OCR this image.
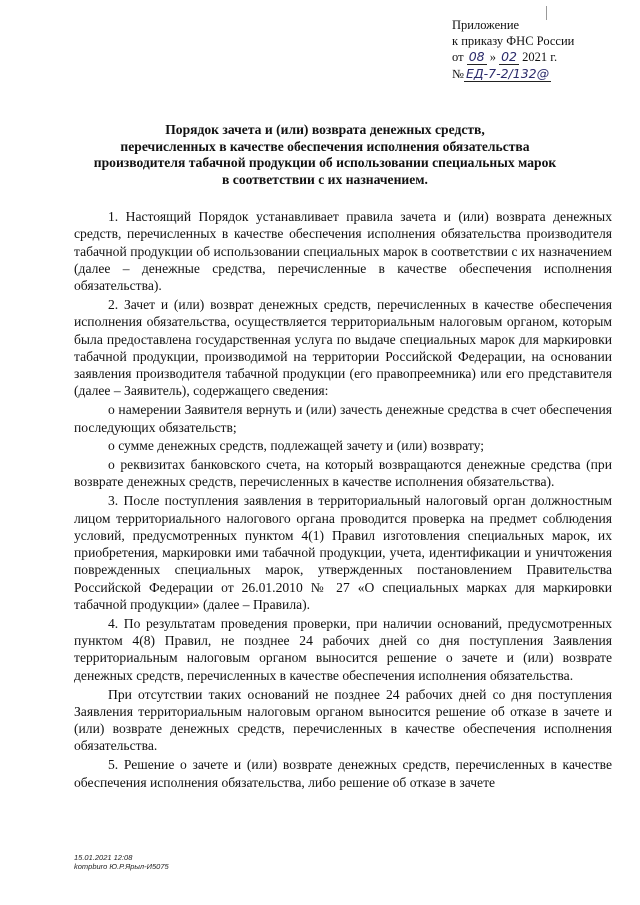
Приложение
к приказу ФНС России
от 08 » 02 2021 г.
№ ЕД-7-2/132@
Порядок зачета и (или) возврата денежных средств,
перечисленных в качестве обеспечения исполнения обязательства
производителя табачной продукции об использовании специальных марок
в соответствии с их назначением.

1. Настоящий Порядок устанавливает правила зачета и (или) возврата денежных средств, перечисленных в качестве обеспечения исполнения обязательства производителя табачной продукции об использовании специальных марок в соответствии с их назначением (далее – денежные средства, перечисленные в качестве обеспечения исполнения обязательства).

2. Зачет и (или) возврат денежных средств, перечисленных в качестве обеспечения исполнения обязательства, осуществляется территориальным налоговым органом, которым была предоставлена государственная услуга по выдаче специальных марок для маркировки табачной продукции, производимой на территории Российской Федерации, на основании заявления производителя табачной продукции (его правопреемника) или его представителя (далее – Заявитель), содержащего сведения:

о намерении Заявителя вернуть и (или) зачесть денежные средства в счет обеспечения последующих обязательств;

о сумме денежных средств, подлежащей зачету и (или) возврату;

о реквизитах банковского счета, на который возвращаются денежные средства (при возврате денежных средств, перечисленных в качестве исполнения обязательства).

3. После поступления заявления в территориальный налоговый орган должностным лицом территориального налогового органа проводится проверка на предмет соблюдения условий, предусмотренных пунктом 4(1) Правил изготовления специальных марок, их приобретения, маркировки ими табачной продукции, учета, идентификации и уничтожения поврежденных специальных марок, утвержденных постановлением Правительства Российской Федерации от 26.01.2010 № 27 «О специальных марках для маркировки табачной продукции» (далее – Правила).

4. По результатам проведения проверки, при наличии оснований, предусмотренных пунктом 4(8) Правил, не позднее 24 рабочих дней со дня поступления Заявления территориальным налоговым органом выносится решение о зачете и (или) возврате денежных средств, перечисленных в качестве обеспечения исполнения обязательства.

При отсутствии таких оснований не позднее 24 рабочих дней со дня поступления Заявления территориальным налоговым органом выносится решение об отказе в зачете и (или) возврате денежных средств, перечисленных в качестве обеспечения исполнения обязательства.

5. Решение о зачете и (или) возврате денежных средств, перечисленных в качестве обеспечения исполнения обязательства, либо решение об отказе в зачете

15.01.2021 12:08
kompburo Ю.Р.Ярыл-И5075
